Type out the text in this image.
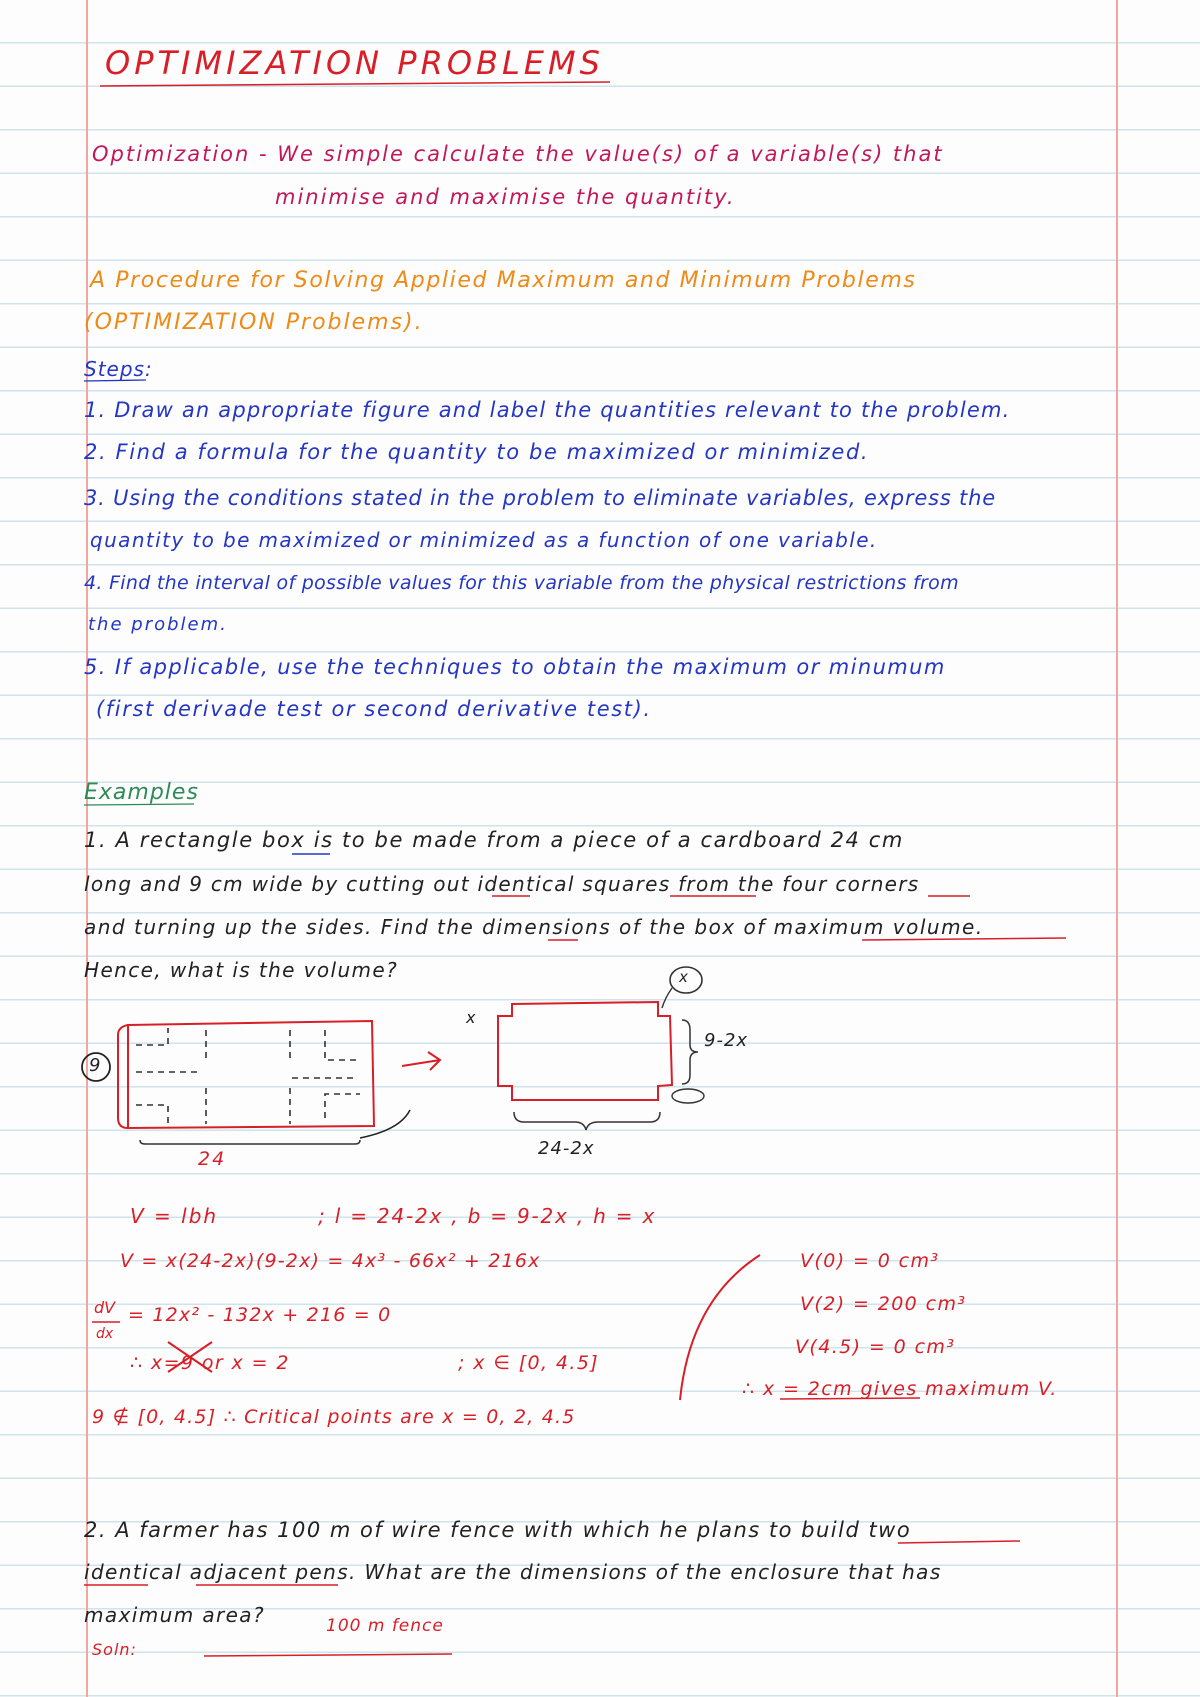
OPTIMIZATION PROBLEMS
Optimization - We simple calculate the value(s) of a variable(s) that
minimise and maximise the quantity.
A Procedure for Solving Applied Maximum and Minimum Problems
(OPTIMIZATION Problems).
Steps:
1. Draw an appropriate figure and label the quantities relevant to the problem.
2. Find a formula for the quantity to be maximized or minimized.
3. Using the conditions stated in the problem to eliminate variables, express the
quantity to be maximized or minimized as a function of one variable.
4. Find the interval of possible values for this variable from the physical restrictions from
the problem.
5. If applicable, use the techniques to obtain the maximum or minumum
(first derivade test or second derivative test).
Examples
1. A rectangle box is to be made from a piece of a cardboard 24 cm
long and 9 cm wide by cutting out identical squares from the four corners
and turning up the sides. Find the dimensions of the box of maximum volume.
Hence, what is the volume?
24
9
x
x
9-2x
24-2x
V = lbh	; l = 24-2x , b = 9-2x , h = x
V = x(24-2x)(9-2x) = 4x³ - 66x² + 216x
dV
dx
= 12x² - 132x + 216 = 0
∴ x=9 or x = 2	; x ∈ [0, 4.5]
9 ∉ [0, 4.5] ∴ Critical points are x = 0, 2, 4.5
V(0) = 0 cm³
V(2) = 200 cm³
V(4.5) = 0 cm³
∴ x = 2cm gives maximum V.
2. A farmer has 100 m of wire fence with which he plans to build two
identical adjacent pens. What are the dimensions of the enclosure that has
maximum area?
Soln:
100 m fence
